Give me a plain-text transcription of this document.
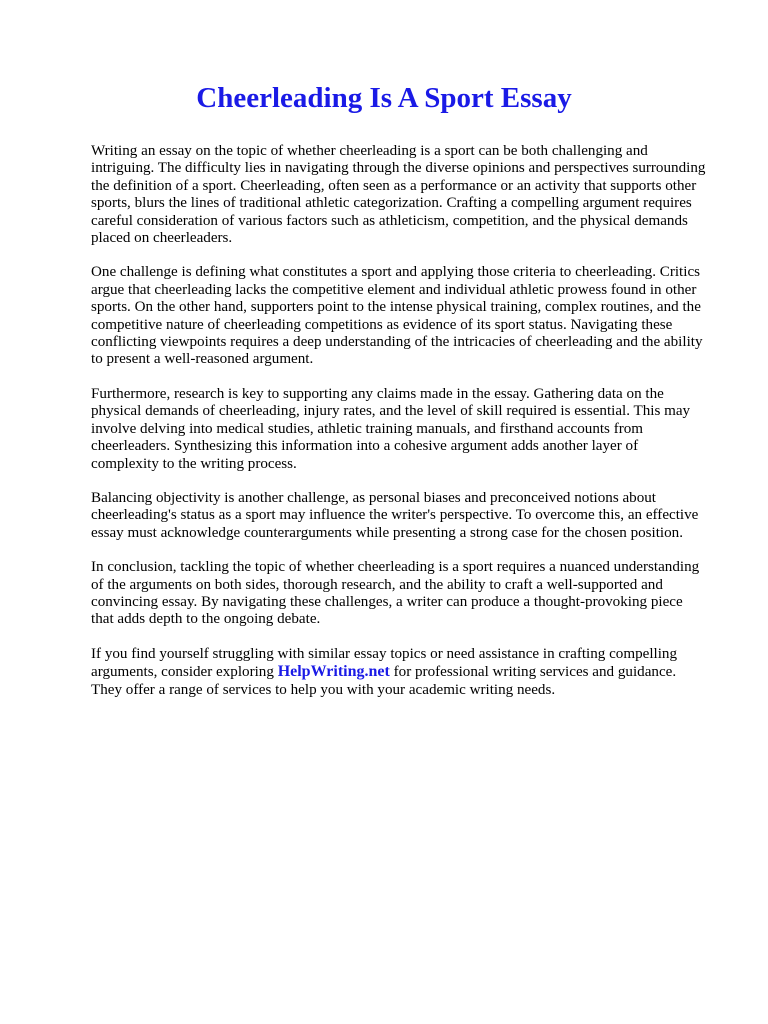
Cheerleading Is A Sport Essay

Writing an essay on the topic of whether cheerleading is a sport can be both challenging and
intriguing. The difficulty lies in navigating through the diverse opinions and perspectives surrounding
the definition of a sport. Cheerleading, often seen as a performance or an activity that supports other
sports, blurs the lines of traditional athletic categorization. Crafting a compelling argument requires
careful consideration of various factors such as athleticism, competition, and the physical demands
placed on cheerleaders.

One challenge is defining what constitutes a sport and applying those criteria to cheerleading. Critics
argue that cheerleading lacks the competitive element and individual athletic prowess found in other
sports. On the other hand, supporters point to the intense physical training, complex routines, and the
competitive nature of cheerleading competitions as evidence of its sport status. Navigating these
conflicting viewpoints requires a deep understanding of the intricacies of cheerleading and the ability
to present a well-reasoned argument.

Furthermore, research is key to supporting any claims made in the essay. Gathering data on the
physical demands of cheerleading, injury rates, and the level of skill required is essential. This may
involve delving into medical studies, athletic training manuals, and firsthand accounts from
cheerleaders. Synthesizing this information into a cohesive argument adds another layer of
complexity to the writing process.

Balancing objectivity is another challenge, as personal biases and preconceived notions about
cheerleading's status as a sport may influence the writer's perspective. To overcome this, an effective
essay must acknowledge counterarguments while presenting a strong case for the chosen position.

In conclusion, tackling the topic of whether cheerleading is a sport requires a nuanced understanding
of the arguments on both sides, thorough research, and the ability to craft a well-supported and
convincing essay. By navigating these challenges, a writer can produce a thought-provoking piece
that adds depth to the ongoing debate.

If you find yourself struggling with similar essay topics or need assistance in crafting compelling
arguments, consider exploring HelpWriting.net for professional writing services and guidance.
They offer a range of services to help you with your academic writing needs.
